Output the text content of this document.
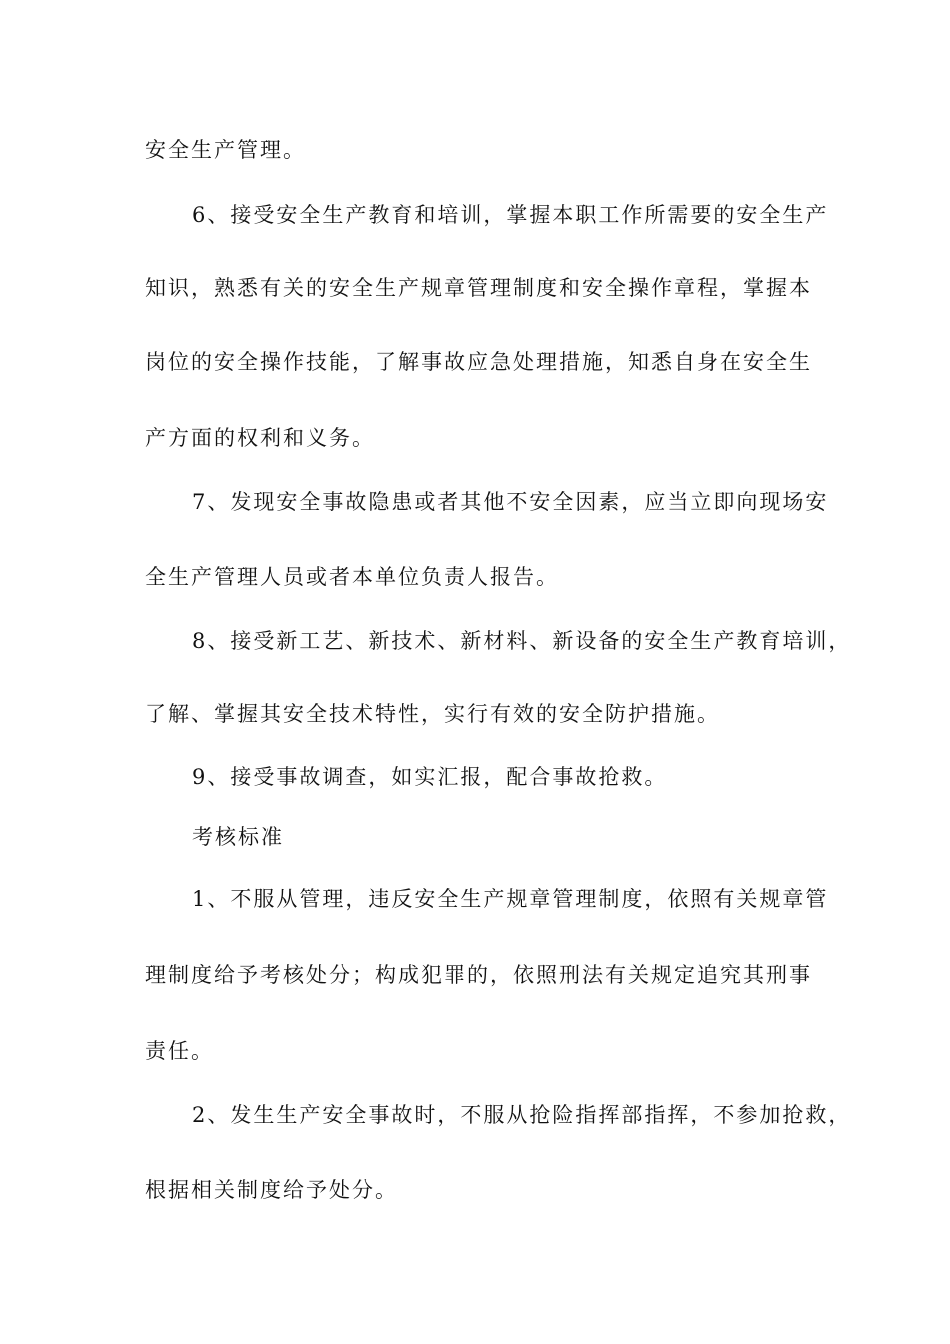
安全生产管理。
6、接受安全生产教育和培训，掌握本职工作所需要的安全生产
知识，熟悉有关的安全生产规章管理制度和安全操作章程，掌握本
岗位的安全操作技能，了解事故应急处理措施，知悉自身在安全生
产方面的权利和义务。
7、发现安全事故隐患或者其他不安全因素，应当立即向现场安
全生产管理人员或者本单位负责人报告。
8、接受新工艺、新技术、新材料、新设备的安全生产教育培训，
了解、掌握其安全技术特性，实行有效的安全防护措施。
9、接受事故调查，如实汇报，配合事故抢救。
考核标准
1、不服从管理，违反安全生产规章管理制度，依照有关规章管
理制度给予考核处分；构成犯罪的，依照刑法有关规定追究其刑事
责任。
2、发生生产安全事故时，不服从抢险指挥部指挥，不参加抢救，
根据相关制度给予处分。
